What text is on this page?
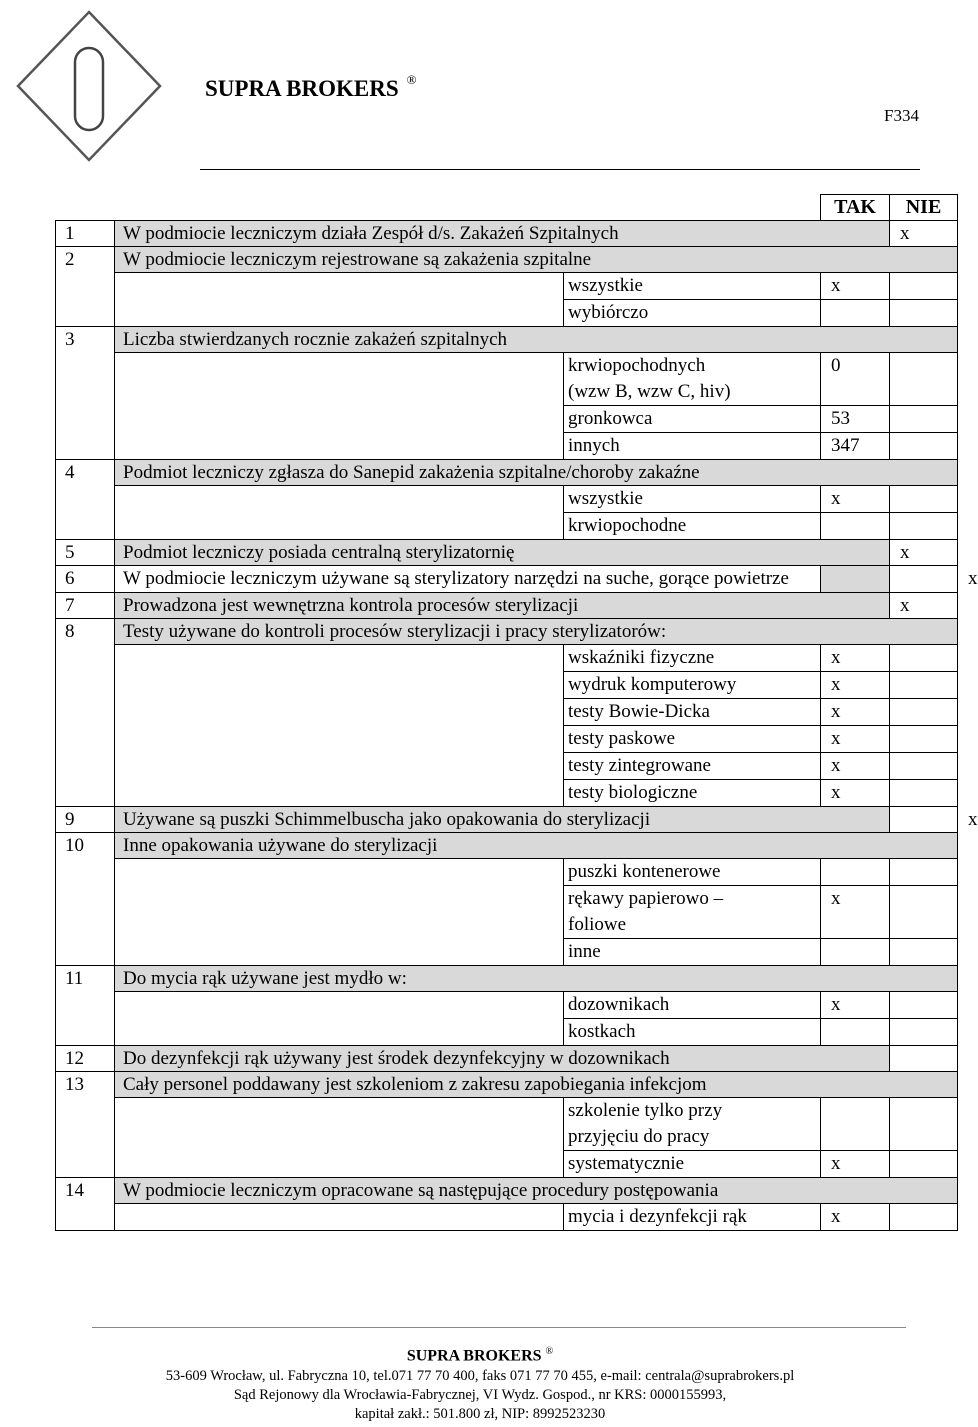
SUPRA BROKERS ®
F334
			TAK	NIE	
1	W podmiocie leczniczym działa Zespół d/s. Zakażeń Szpitalnych			x	
2	W podmiocie leczniczym rejestrowane są zakażenia szpitalne				
		wszystkie	x		
		wybiórczo			
3	Liczba stwierdzanych rocznie zakażeń szpitalnych				
		krwiopochodnych
(wzw B, wzw C, hiv)	0		
		gronkowca	53		
		innych	347		
4	Podmiot leczniczy zgłasza do Sanepid zakażenia szpitalne/choroby zakaźne				
		wszystkie	x		
		krwiopochodne			
5	Podmiot leczniczy posiada centralną sterylizatornię			x	
6	W podmiocie leczniczym używane są sterylizatory narzędzi na suche, gorące powietrze				x
7	Prowadzona jest wewnętrzna kontrola procesów sterylizacji			x	
8	Testy używane do kontroli procesów sterylizacji i pracy sterylizatorów:				
		wskaźniki fizyczne	x		
		wydruk komputerowy	x		
		testy Bowie-Dicka	x		
		testy paskowe	x		
		testy zintegrowane	x		
		testy biologiczne	x		
9	Używane są puszki Schimmelbuscha jako opakowania do sterylizacji				x
10	Inne opakowania używane do sterylizacji				
		puszki kontenerowe			
		rękawy papierowo –
foliowe	x		
		inne			
11	Do mycia rąk używane jest mydło w:				
		dozownikach	x		
		kostkach			
12	Do dezynfekcji rąk używany jest środek dezynfekcyjny w dozownikach				
13	Cały personel poddawany jest szkoleniom z zakresu zapobiegania infekcjom				
		szkolenie tylko przy
przyjęciu do pracy			
		systematycznie	x		
14	W podmiocie leczniczym opracowane są następujące procedury postępowania				
		mycia i dezynfekcji rąk	x		
SUPRA BROKERS ®
53-609 Wrocław, ul. Fabryczna 10, tel.071 77 70 400, faks 071 77 70 455, e-mail: centrala@suprabrokers.pl
Sąd Rejonowy dla Wrocławia-Fabrycznej, VI Wydz. Gospod., nr KRS: 0000155993,
kapitał zakł.: 501.800 zł, NIP: 8992523230
